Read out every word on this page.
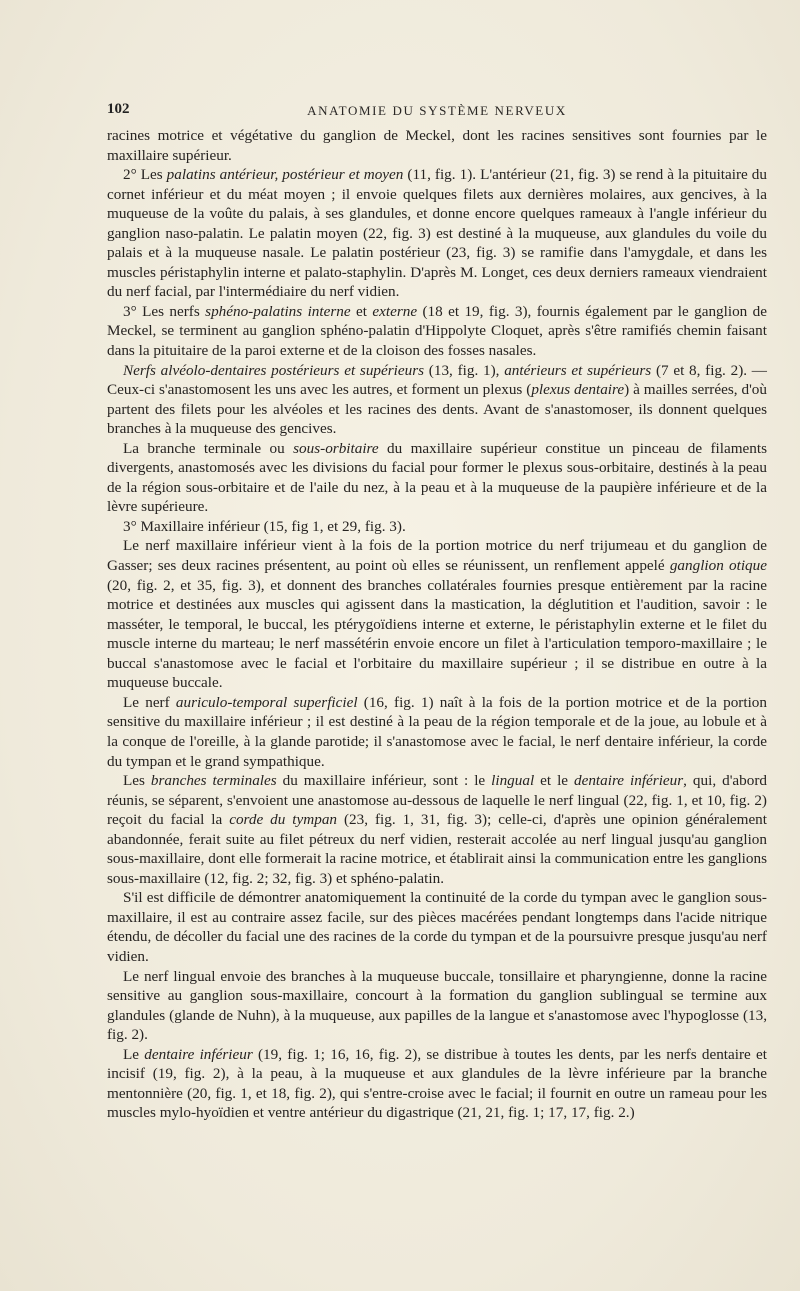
102	ANATOMIE DU SYSTÈME NERVEUX

racines motrice et végétative du ganglion de Meckel, dont les racines sensitives sont fournies par le maxillaire supérieur.

2° Les palatins antérieur, postérieur et moyen (11, fig. 1). L'antérieur (21, fig. 3) se rend à la pituitaire du cornet inférieur et du méat moyen ; il envoie quelques filets aux dernières molaires, aux gencives, à la muqueuse de la voûte du palais, à ses glandules, et donne encore quelques rameaux à l'angle inférieur du ganglion naso-palatin. Le palatin moyen (22, fig. 3) est destiné à la muqueuse, aux glandules du voile du palais et à la muqueuse nasale. Le palatin postérieur (23, fig. 3) se ramifie dans l'amygdale, et dans les muscles péristaphylin interne et palato-staphylin. D'après M. Longet, ces deux derniers rameaux viendraient du nerf facial, par l'intermédiaire du nerf vidien.

3° Les nerfs sphéno-palatins interne et externe (18 et 19, fig. 3), fournis également par le ganglion de Meckel, se terminent au ganglion sphéno-palatin d'Hippolyte Cloquet, après s'être ramifiés chemin faisant dans la pituitaire de la paroi externe et de la cloison des fosses nasales.

Nerfs alvéolo-dentaires postérieurs et supérieurs (13, fig. 1), antérieurs et supérieurs (7 et 8, fig. 2). — Ceux-ci s'anastomosent les uns avec les autres, et forment un plexus (plexus dentaire) à mailles serrées, d'où partent des filets pour les alvéoles et les racines des dents. Avant de s'anastomoser, ils donnent quelques branches à la muqueuse des gencives.

La branche terminale ou sous-orbitaire du maxillaire supérieur constitue un pinceau de filaments divergents, anastomosés avec les divisions du facial pour former le plexus sous-orbitaire, destinés à la peau de la région sous-orbitaire et de l'aile du nez, à la peau et à la muqueuse de la paupière inférieure et de la lèvre supérieure.

3° Maxillaire inférieur (15, fig 1, et 29, fig. 3).

Le nerf maxillaire inférieur vient à la fois de la portion motrice du nerf trijumeau et du ganglion de Gasser; ses deux racines présentent, au point où elles se réunissent, un renflement appelé ganglion otique (20, fig. 2, et 35, fig. 3), et donnent des branches collatérales fournies presque entièrement par la racine motrice et destinées aux muscles qui agissent dans la mastication, la déglutition et l'audition, savoir : le masséter, le temporal, le buccal, les ptérygoïdiens interne et externe, le péristaphylin externe et le filet du muscle interne du marteau; le nerf massétérin envoie encore un filet à l'articulation temporo-maxillaire ; le buccal s'anastomose avec le facial et l'orbitaire du maxillaire supérieur ; il se distribue en outre à la muqueuse buccale.

Le nerf auriculo-temporal superficiel (16, fig. 1) naît à la fois de la portion motrice et de la portion sensitive du maxillaire inférieur ; il est destiné à la peau de la région temporale et de la joue, au lobule et à la conque de l'oreille, à la glande parotide; il s'anastomose avec le facial, le nerf dentaire inférieur, la corde du tympan et le grand sympathique.

Les branches terminales du maxillaire inférieur, sont : le lingual et le dentaire inférieur, qui, d'abord réunis, se séparent, s'envoient une anastomose au-dessous de laquelle le nerf lingual (22, fig. 1, et 10, fig. 2) reçoit du facial la corde du tympan (23, fig. 1, 31, fig. 3); celle-ci, d'après une opinion généralement abandonnée, ferait suite au filet pétreux du nerf vidien, resterait accolée au nerf lingual jusqu'au ganglion sous-maxillaire, dont elle formerait la racine motrice, et établirait ainsi la communication entre les ganglions sous-maxillaire (12, fig. 2; 32, fig. 3) et sphéno-palatin.

S'il est difficile de démontrer anatomiquement la continuité de la corde du tympan avec le ganglion sous-maxillaire, il est au contraire assez facile, sur des pièces macérées pendant longtemps dans l'acide nitrique étendu, de décoller du facial une des racines de la corde du tympan et de la poursuivre presque jusqu'au nerf vidien.

Le nerf lingual envoie des branches à la muqueuse buccale, tonsillaire et pharyngienne, donne la racine sensitive au ganglion sous-maxillaire, concourt à la formation du ganglion sublingual se termine aux glandules (glande de Nuhn), à la muqueuse, aux papilles de la langue et s'anastomose avec l'hypoglosse (13, fig. 2).

Le dentaire inférieur (19, fig. 1; 16, 16, fig. 2), se distribue à toutes les dents, par les nerfs dentaire et incisif (19, fig. 2), à la peau, à la muqueuse et aux glandules de la lèvre inférieure par la branche mentonnière (20, fig. 1, et 18, fig. 2), qui s'entre-croise avec le facial; il fournit en outre un rameau pour les muscles mylo-hyoïdien et ventre antérieur du digastrique (21, 21, fig. 1; 17, 17, fig. 2.)
